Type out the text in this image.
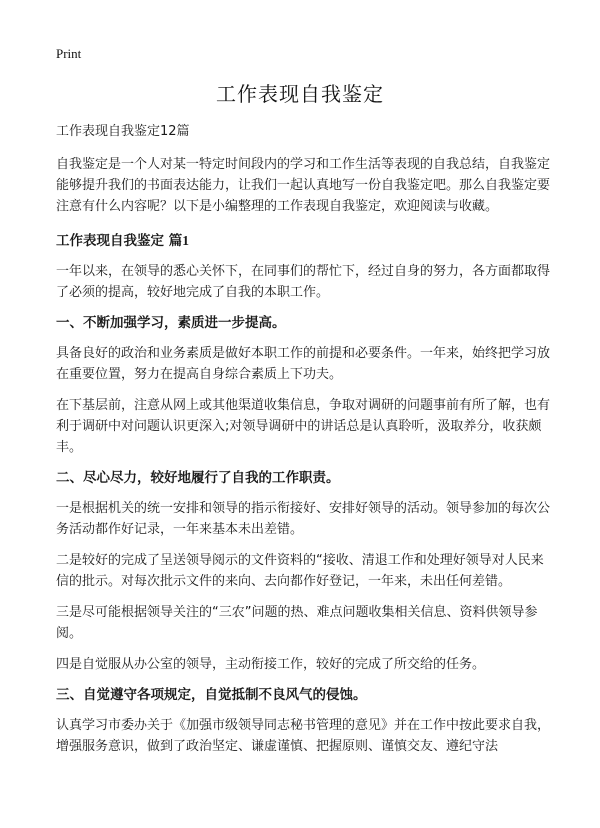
Print
工作表现自我鉴定

工作表现自我鉴定12篇

自我鉴定是一个人对某一特定时间段内的学习和工作生活等表现的自我总结，自我鉴定能够提升我们的书面表达能力，让我们一起认真地写一份自我鉴定吧。那么自我鉴定要注意有什么内容呢？以下是小编整理的工作表现自我鉴定，欢迎阅读与收藏。

工作表现自我鉴定 篇1

一年以来，在领导的悉心关怀下，在同事们的帮忙下，经过自身的努力，各方面都取得了必须的提高，较好地完成了自我的本职工作。

一、不断加强学习，素质进一步提高。

具备良好的政治和业务素质是做好本职工作的前提和必要条件。一年来，始终把学习放在重要位置，努力在提高自身综合素质上下功夫。

在下基层前，注意从网上或其他渠道收集信息，争取对调研的问题事前有所了解，也有利于调研中对问题认识更深入;对领导调研中的讲话总是认真聆听，汲取养分，收获颇丰。

二、尽心尽力，较好地履行了自我的工作职责。

一是根据机关的统一安排和领导的指示衔接好、安排好领导的活动。领导参加的每次公务活动都作好记录，一年来基本未出差错。

二是较好的完成了呈送领导阅示的文件资料的“接收、清退工作和处理好领导对人民来信的批示。对每次批示文件的来向、去向都作好登记，一年来，未出任何差错。

三是尽可能根据领导关注的“三农”问题的热、难点问题收集相关信息、资料供领导参阅。

四是自觉服从办公室的领导，主动衔接工作，较好的完成了所交给的任务。

三、自觉遵守各项规定，自觉抵制不良风气的侵蚀。

认真学习市委办关于《加强市级领导同志秘书管理的意见》并在工作中按此要求自我，增强服务意识，做到了政治坚定、谦虚谨慎、把握原则、谨慎交友、遵纪守法
